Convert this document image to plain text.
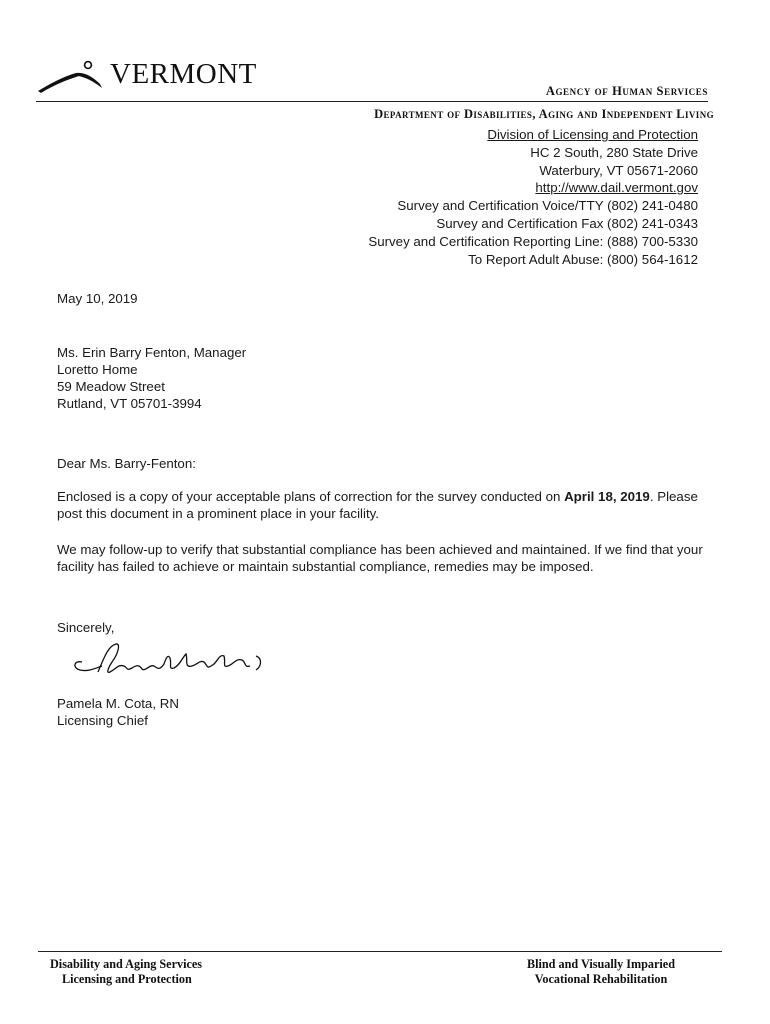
VERMONT
Agency of Human Services
Department of Disabilities, Aging and Independent Living
Division of Licensing and Protection
HC 2 South, 280 State Drive
Waterbury, VT 05671-2060
http://www.dail.vermont.gov
Survey and Certification Voice/TTY (802) 241-0480
Survey and Certification Fax (802) 241-0343
Survey and Certification Reporting Line: (888) 700-5330
To Report Adult Abuse: (800) 564-1612
May 10, 2019
Ms. Erin Barry Fenton, Manager
Loretto Home
59 Meadow Street
Rutland, VT 05701-3994
Dear Ms. Barry-Fenton:
Enclosed is a copy of your acceptable plans of correction for the survey conducted on April 18, 2019. Please post this document in a prominent place in your facility.
We may follow-up to verify that substantial compliance has been achieved and maintained. If we find that your facility has failed to achieve or maintain substantial compliance, remedies may be imposed.
Sincerely,
Pamela M. Cota, RN
Licensing Chief
Disability and Aging Services
Licensing and Protection
Blind and Visually Imparied
Vocational Rehabilitation
